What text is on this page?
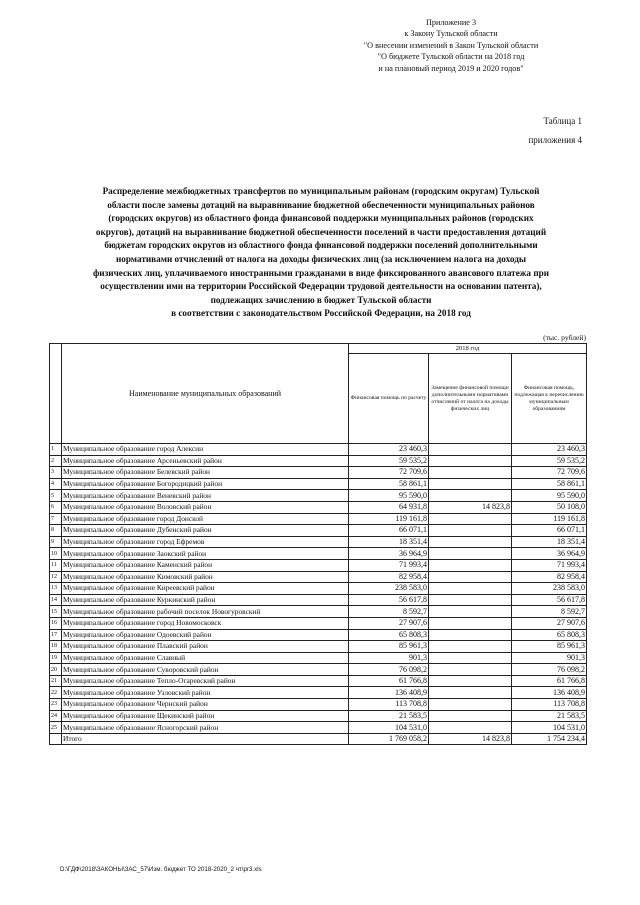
Приложение 3
к Закону Тульской области
"О внесении изменений в Закон Тульской области
"О бюджете Тульской области на 2018 год
и на плановый период 2019 и 2020 годов"
Таблица 1
приложения 4
Распределение межбюджетных трансфертов по муниципальным районам (городским округам) Тульской
области после замены дотаций на выравнивание бюджетной обеспеченности муниципальных районов
(городских округов) из областного фонда финансовой поддержки муниципальных районов (городских
округов), дотаций на выравнивание бюджетной обеспеченности поселений в части предоставления дотаций
бюджетам городских округов из областного фонда финансовой поддержки поселений дополнительными
нормативами отчислений от налога на доходы физических лиц (за исключением налога на доходы
физических лиц, уплачиваемого иностранными гражданами в виде фиксированного авансового платежа при
осуществлении ими на территории Российской Федерации трудовой деятельности на основании патента),
подлежащих зачислению в бюджет Тульской области
в соответствии с законодательством Российской Федерации, на 2018 год
(тыс. рублей)
	Наименование муниципальных образований	2018 год		
		Финансовая помощь по расчету	Замещение финансовой помощи дополнительными нормативами отчислений от налога на доходы физических лиц	Финансовая помощь, подлежащая к перечислению муниципальным образованиям
1	Муниципальное образование город Алексин	23 460,3		23 460,3
2	Муниципальное образование Арсеньевский район	59 535,2		59 535,2
3	Муниципальное образование Белевский район	72 709,6		72 709,6
4	Муниципальное образование Богородицкий район	58 861,1		58 861,1
5	Муниципальное образование Веневский район	95 590,0		95 590,0
6	Муниципальное образование Воловский район	64 931,8	14 823,8	50 108,0
7	Муниципальное образование город Донской	119 161,8		119 161,8
8	Муниципальное образование Дубенский район	66 071,1		66 071,1
9	Муниципальное образование город Ефремов	18 351,4		18 351,4
10	Муниципальное образование Заокский район	36 964,9		36 964,9
11	Муниципальное образование Каменский район	71 993,4		71 993,4
12	Муниципальное образование Кимовский район	82 958,4		82 958,4
13	Муниципальное образование Киреевский район	238 583,0		238 583,0
14	Муниципальное образование Куркинский район	56 617,8		56 617,8
15	Муниципальное образование рабочий поселок Новогуровский	8 592,7		8 592,7
16	Муниципальное образование город Новомосковск	27 907,6		27 907,6
17	Муниципальное образование Одоевский район	65 808,3		65 808,3
18	Муниципальное образование Плавский район	85 961,3		85 961,3
19	Муниципальное образование Славный	901,3		901,3
20	Муниципальное образование Суворовский район	76 098,2		76 098,2
21	Муниципальное образование Тепло-Огаревский район	61 766,8		61 766,8
22	Муниципальное образование Узловский район	136 408,9		136 408,9
23	Муниципальное образование Чернский район	113 708,8		113 708,8
24	Муниципальное образование Щекинский район	21 583,5		21 583,5
25	Муниципальное образование Ясногорский район	104 531,0		104 531,0
	Итого	1 769 058,2	14 823,8	1 754 234,4
D:\ГДФ\2018\ЗАКОНЫ\ЗАС_57\Изм. бюджет ТО 2018-2020_2 чт\pr3.xls
